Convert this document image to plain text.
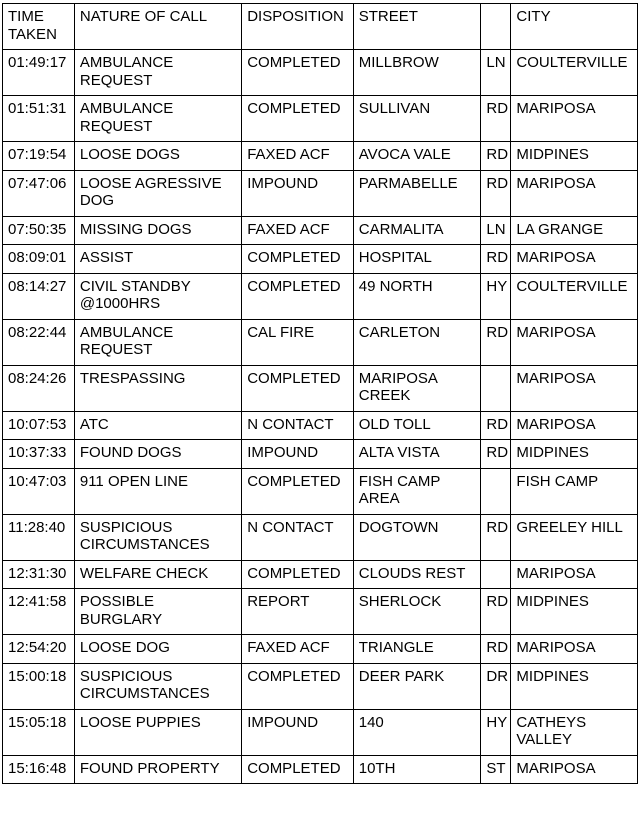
TIME TAKEN	NATURE OF CALL	DISPOSITION	STREET		CITY
01:49:17	AMBULANCE REQUEST	COMPLETED	MILLBROW	LN	COULTERVILLE
01:51:31	AMBULANCE REQUEST	COMPLETED	SULLIVAN	RD	MARIPOSA
07:19:54	LOOSE DOGS	FAXED ACF	AVOCA VALE	RD	MIDPINES
07:47:06	LOOSE AGRESSIVE DOG	IMPOUND	PARMABELLE	RD	MARIPOSA
07:50:35	MISSING DOGS	FAXED ACF	CARMALITA	LN	LA GRANGE
08:09:01	ASSIST	COMPLETED	HOSPITAL	RD	MARIPOSA
08:14:27	CIVIL STANDBY @1000HRS	COMPLETED	49 NORTH	HY	COULTERVILLE
08:22:44	AMBULANCE REQUEST	CAL FIRE	CARLETON	RD	MARIPOSA
08:24:26	TRESPASSING	COMPLETED	MARIPOSA CREEK		MARIPOSA
10:07:53	ATC	N CONTACT	OLD TOLL	RD	MARIPOSA
10:37:33	FOUND DOGS	IMPOUND	ALTA VISTA	RD	MIDPINES
10:47:03	911 OPEN LINE	COMPLETED	FISH CAMP AREA		FISH CAMP
11:28:40	SUSPICIOUS CIRCUMSTANCES	N CONTACT	DOGTOWN	RD	GREELEY HILL
12:31:30	WELFARE CHECK	COMPLETED	CLOUDS REST		MARIPOSA
12:41:58	POSSIBLE BURGLARY	REPORT	SHERLOCK	RD	MIDPINES
12:54:20	LOOSE DOG	FAXED ACF	TRIANGLE	RD	MARIPOSA
15:00:18	SUSPICIOUS CIRCUMSTANCES	COMPLETED	DEER PARK	DR	MIDPINES
15:05:18	LOOSE PUPPIES	IMPOUND	140	HY	CATHEYS VALLEY
15:16:48	FOUND PROPERTY	COMPLETED	10TH	ST	MARIPOSA
